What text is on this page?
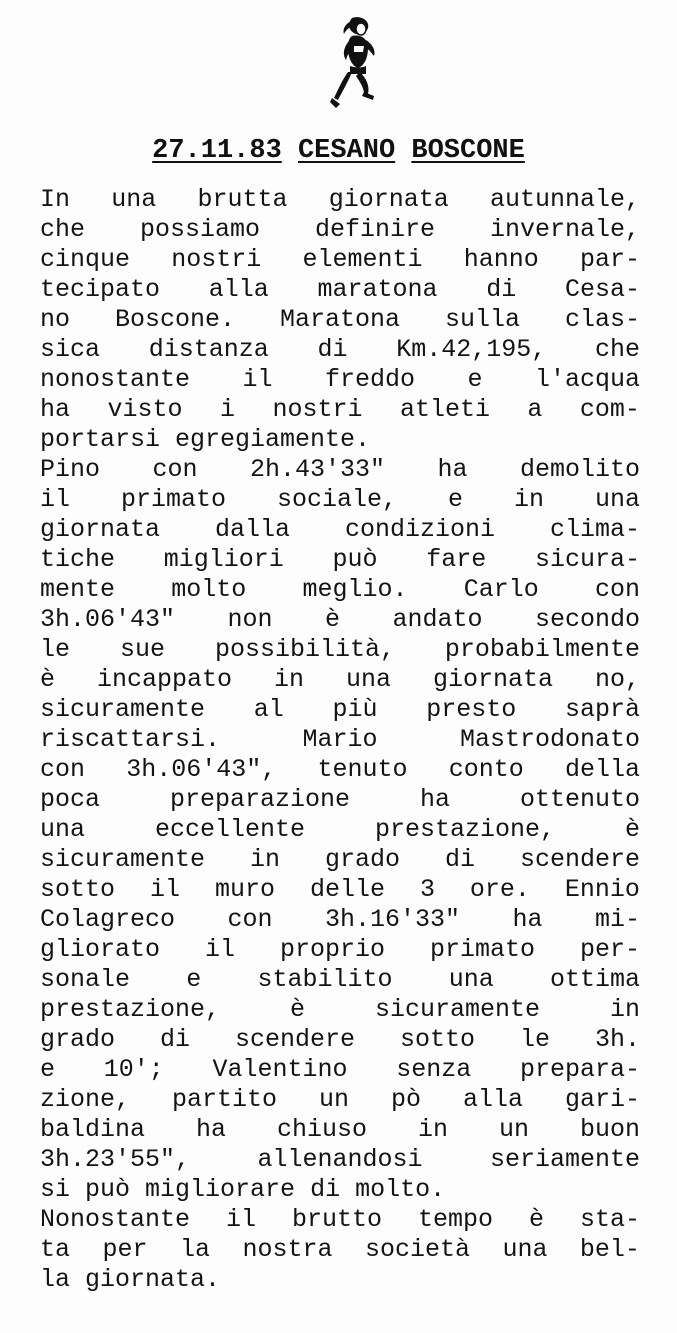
27.11.83 CESANO BOSCONE
In una brutta giornata autunnale,
che possiamo definire invernale,
cinque nostri elementi hanno par-
tecipato alla maratona di Cesa-
no Boscone. Maratona sulla clas-
sica distanza di Km.42,195, che
nonostante il freddo e l'acqua
ha visto i nostri atleti a com-
portarsi egregiamente.
Pino con 2h.43'33" ha demolito
il primato sociale, e in una
giornata dalla condizioni clima-
tiche migliori può fare sicura-
mente molto meglio. Carlo con
3h.06'43" non è andato secondo
le sue possibilità, probabilmente
è incappato in una giornata no,
sicuramente al più presto saprà
riscattarsi.	Mario	Mastrodonato
con 3h.06'43", tenuto conto della
poca	preparazione	ha	ottenuto
una	eccellente	prestazione,	è
sicuramente in grado di scendere
sotto il muro delle 3 ore. Ennio
Colagreco con 3h.16'33" ha mi-
gliorato il proprio primato per-
sonale e stabilito una ottima
prestazione,	è	sicuramente	in
grado di scendere sotto le 3h.
e 10'; Valentino senza prepara-
zione, partito un pò alla gari-
baldina ha chiuso in un buon
3h.23'55",	allenandosi	seriamente
si può migliorare di molto.
Nonostante il brutto tempo è sta-
ta per la nostra società una bel-
la giornata.
